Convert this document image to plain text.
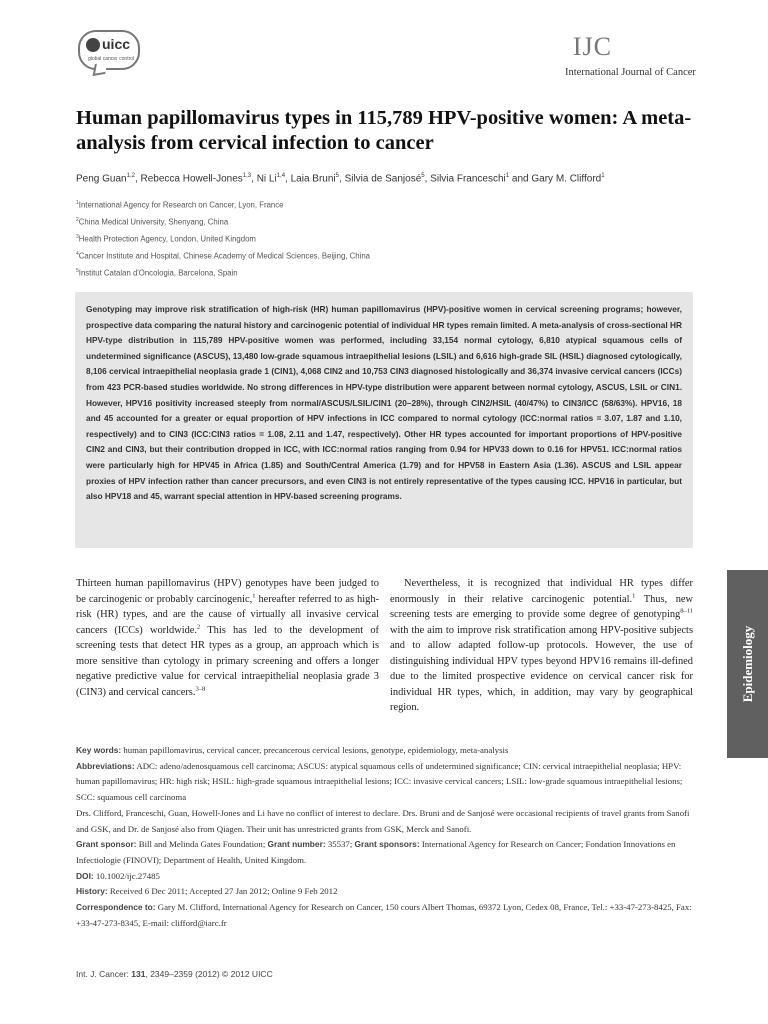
uicc
global cancer control	IJC
International Journal of Cancer
Human papillomavirus types in 115,789 HPV-positive women: A meta-analysis from cervical infection to cancer
Peng Guan$^{1,2}$, Rebecca Howell-Jones$^{1,3}$, Ni Li$^{1,4}$, Laia Bruni$^5$, Silvia de Sanjosé$^5$, Silvia Franceschi$^1$ and Gary M. Clifford$^1$
$^1$International Agency for Research on Cancer, Lyon, France
$^2$China Medical University, Shenyang, China
$^3$Health Protection Agency, London, United Kingdom
$^4$Cancer Institute and Hospital, Chinese Academy of Medical Sciences, Beijing, China
$^5$Institut Catalan d'Oncologia, Barcelona, Spain
Genotyping may improve risk stratification of high-risk (HR) human papillomavirus (HPV)-positive women in cervical screening programs; however, prospective data comparing the natural history and carcinogenic potential of individual HR types remain limited. A meta-analysis of cross-sectional HR HPV-type distribution in 115,789 HPV-positive women was performed, including 33,154 normal cytology, 6,810 atypical squamous cells of undetermined significance (ASCUS), 13,480 low-grade squamous intraepithelial lesions (LSIL) and 6,616 high-grade SIL (HSIL) diagnosed cytologically, 8,106 cervical intraepithelial neoplasia grade 1 (CIN1), 4,068 CIN2 and 10,753 CIN3 diagnosed histologically and 36,374 invasive cervical cancers (ICCs) from 423 PCR-based studies worldwide. No strong differences in HPV-type distribution were apparent between normal cytology, ASCUS, LSIL or CIN1. However, HPV16 positivity increased steeply from normal/ASCUS/LSIL/CIN1 (20–28%), through CIN2/HSIL (40/47%) to CIN3/ICC (58/63%). HPV16, 18 and 45 accounted for a greater or equal proportion of HPV infections in ICC compared to normal cytology (ICC:normal ratios = 3.07, 1.87 and 1.10, respectively) and to CIN3 (ICC:CIN3 ratios = 1.08, 2.11 and 1.47, respectively). Other HR types accounted for important proportions of HPV-positive CIN2 and CIN3, but their contribution dropped in ICC, with ICC:normal ratios ranging from 0.94 for HPV33 down to 0.16 for HPV51. ICC:normal ratios were particularly high for HPV45 in Africa (1.85) and South/Central America (1.79) and for HPV58 in Eastern Asia (1.36). ASCUS and LSIL appear proxies of HPV infection rather than cancer precursors, and even CIN3 is not entirely representative of the types causing ICC. HPV16 in particular, but also HPV18 and 45, warrant special attention in HPV-based screening programs.
Thirteen human papillomavirus (HPV) genotypes have been judged to be carcinogenic or probably carcinogenic,$^1$ hereafter referred to as high-risk (HR) types, and are the cause of virtually all invasive cervical cancers (ICCs) worldwide.$^2$ This has led to the development of screening tests that detect HR types as a group, an approach which is more sensitive than cytology in primary screening and offers a longer negative predictive value for cervical intraepithelial neoplasia grade 3 (CIN3) and cervical cancers.$^{3-8}$
Nevertheless, it is recognized that individual HR types differ enormously in their relative carcinogenic potential.$^1$ Thus, new screening tests are emerging to provide some degree of genotyping$^{8-11}$ with the aim to improve risk stratification among HPV-positive subjects and to allow adapted follow-up protocols. However, the use of distinguishing individual HPV types beyond HPV16 remains ill-defined due to the limited prospective evidence on cervical cancer risk for individual HR types, which, in addition, may vary by geographical region.

Key words: human papillomavirus, cervical cancer, precancerous cervical lesions, genotype, epidemiology, meta-analysis

Abbreviations: ADC: adeno/adenosquamous cell carcinoma; ASCUS: atypical squamous cells of undetermined significance; CIN: cervical intraepithelial neoplasia; HPV: human papillomavirus; HR: high risk; HSIL: high-grade squamous intraepithelial lesions; ICC: invasive cervical cancers; LSIL: low-grade squamous intraepithelial lesions; SCC: squamous cell carcinoma

Drs. Clifford, Franceschi, Guan, Howell-Jones and Li have no conflict of interest to declare. Drs. Bruni and de Sanjosé were occasional recipients of travel grants from Sanofi and GSK, and Dr. de Sanjosé also from Qiagen. Their unit has unrestricted grants from GSK, Merck and Sanofi.

Grant sponsor: Bill and Melinda Gates Foundation; Grant number: 35537; Grant sponsors: International Agency for Research on Cancer; Fondation Innovations en Infectiologie (FINOVI); Department of Health, United Kingdom.

DOI: 10.1002/ijc.27485

History: Received 6 Dec 2011; Accepted 27 Jan 2012; Online 9 Feb 2012

Correspondence to: Gary M. Clifford, International Agency for Research on Cancer, 150 cours Albert Thomas, 69372 Lyon, Cedex 08, France, Tel.: +33-47-273-8425, Fax: +33-47-273-8345, E-mail: clifford@iarc.fr

Int. J. Cancer: 131, 2349–2359 (2012) © 2012 UICC
Epidemiology
